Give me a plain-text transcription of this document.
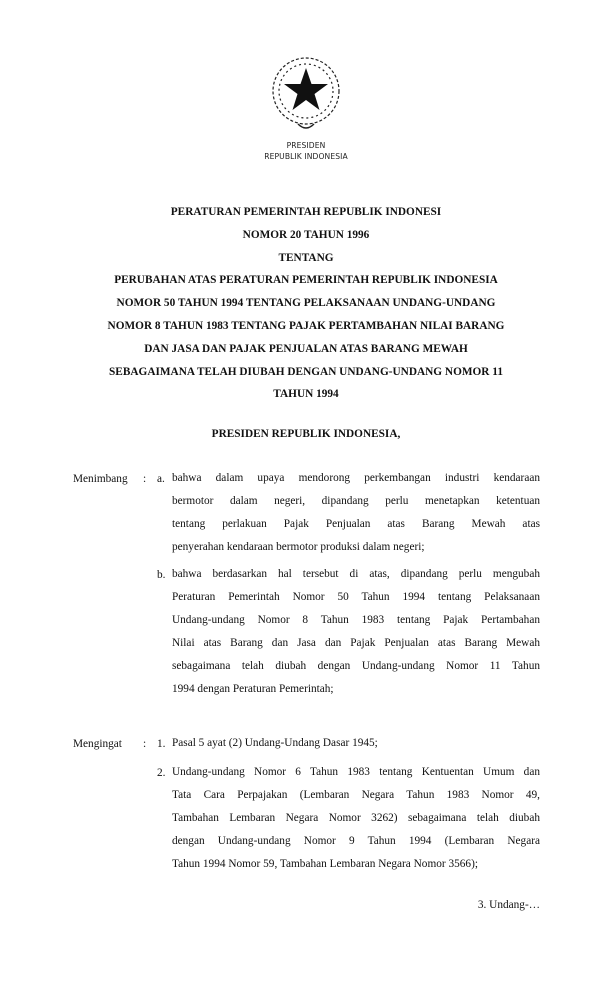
PRESIDEN
REPUBLIK INDONESIA
PERATURAN PEMERINTAH REPUBLIK INDONESI
NOMOR 20 TAHUN 1996
TENTANG
PERUBAHAN ATAS PERATURAN PEMERINTAH REPUBLIK INDONESIA
NOMOR 50 TAHUN 1994 TENTANG PELAKSANAAN UNDANG-UNDANG
NOMOR 8 TAHUN 1983 TENTANG PAJAK PERTAMBAHAN NILAI BARANG
DAN JASA DAN PAJAK PENJUALAN ATAS BARANG MEWAH
SEBAGAIMANA TELAH DIUBAH DENGAN UNDANG-UNDANG NOMOR 11
TAHUN 1994
PRESIDEN REPUBLIK INDONESIA,
Menimbang : a. bahwa dalam upaya mendorong perkembangan industri kendaraan
bermotor dalam negeri, dipandang perlu menetapkan ketentuan
tentang perlakuan Pajak Penjualan atas Barang Mewah atas
penyerahan kendaraan bermotor produksi dalam negeri;
b. bahwa berdasarkan hal tersebut di atas, dipandang perlu mengubah
Peraturan Pemerintah Nomor 50 Tahun 1994 tentang Pelaksanaan
Undang-undang Nomor 8 Tahun 1983 tentang Pajak Pertambahan
Nilai atas Barang dan Jasa dan Pajak Penjualan atas Barang Mewah
sebagaimana telah diubah dengan Undang-undang Nomor 11 Tahun
1994 dengan Peraturan Pemerintah;
Mengingat : 1. Pasal 5 ayat (2) Undang-Undang Dasar 1945;
2. Undang-undang Nomor 6 Tahun 1983 tentang Kentuentan Umum dan
Tata Cara Perpajakan (Lembaran Negara Tahun 1983 Nomor 49,
Tambahan Lembaran Negara Nomor 3262) sebagaimana telah diubah
dengan Undang-undang Nomor 9 Tahun 1994 (Lembaran Negara
Tahun 1994 Nomor 59, Tambahan Lembaran Negara Nomor 3566);
3. Undang-…
